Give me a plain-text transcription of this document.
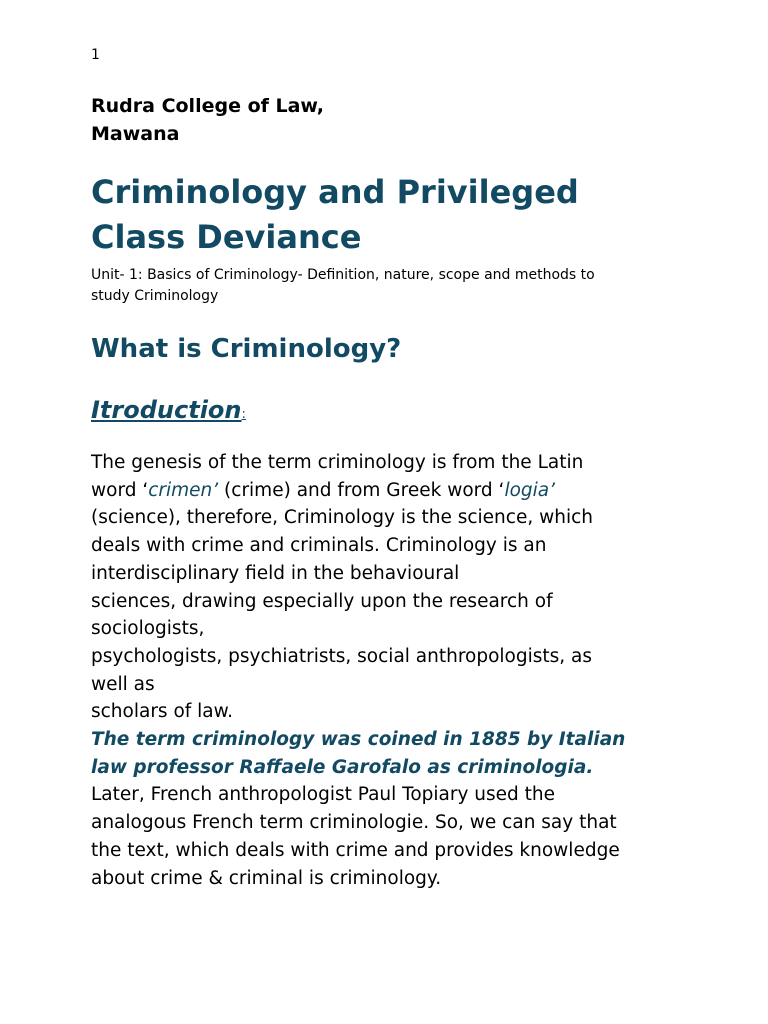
1
Rudra College of Law,
Mawana
Criminology and Privileged
Class Deviance
Unit- 1: Basics of Criminology- Definition, nature, scope and methods to
study Criminology
What is Criminology?
Itroduction:
The genesis of the term criminology is from the Latin
word ‘crimen’ (crime) and from Greek word ‘logia’
(science), therefore, Criminology is the science, which
deals with crime and criminals. Criminology is an
interdisciplinary field in the behavioural
sciences, drawing especially upon the research of
sociologists,
psychologists, psychiatrists, social anthropologists, as
well as
scholars of law.
The term criminology was coined in 1885 by Italian
law professor Raffaele Garofalo as criminologia.
Later, French anthropologist Paul Topiary used the
analogous French term criminologie. So, we can say that
the text, which deals with crime and provides knowledge
about crime & criminal is criminology.
